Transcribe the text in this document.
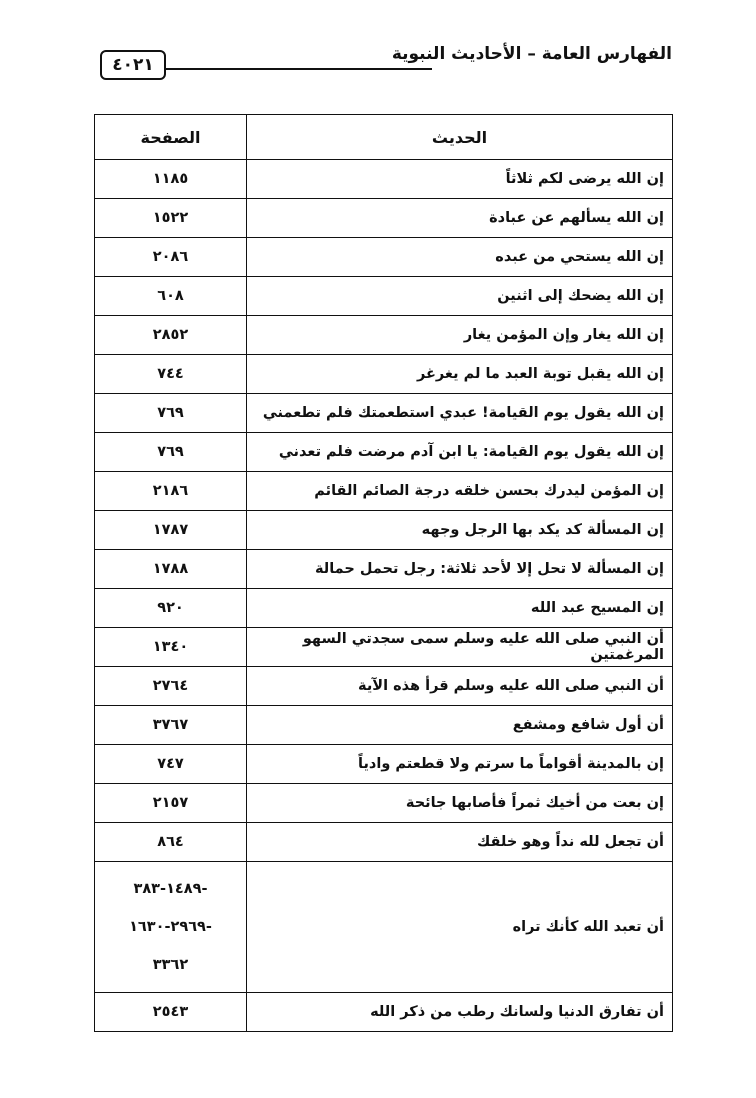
الفهارس العامة – الأحاديث النبوية
٤٠٢١
الحديث	الصفحة
إن الله يرضى لكم ثلاثاً	١١٨٥
إن الله يسألهم عن عبادة	١٥٢٢
إن الله يستحي من عبده	٢٠٨٦
إن الله يضحك إلى اثنين	٦٠٨
إن الله يغار وإن المؤمن يغار	٢٨٥٢
إن الله يقبل توبة العبد ما لم يغرغر	٧٤٤
إن الله يقول يوم القيامة! عبدي استطعمتك فلم تطعمني	٧٦٩
إن الله يقول يوم القيامة: يا ابن آدم مرضت فلم تعدني	٧٦٩
إن المؤمن ليدرك بحسن خلقه درجة الصائم القائم	٢١٨٦
إن المسألة كد يكد بها الرجل وجهه	١٧٨٧
إن المسألة لا تحل إلا لأحد ثلاثة: رجل تحمل حمالة	١٧٨٨
إن المسيح عبد الله	٩٢٠
أن النبي صلى الله عليه وسلم سمى سجدتي السهو المرغمتين	١٣٤٠
أن النبي صلى الله عليه وسلم قرأ هذه الآية	٢٧٦٤
أن أول شافع ومشفع	٣٧٦٧
إن بالمدينة أقواماً ما سرتم ولا قطعتم وادياً	٧٤٧
إن بعت من أخيك ثمراً فأصابها جائحة	٢١٥٧
أن تجعل لله نداً وهو خلقك	٨٦٤
أن تعبد الله كأنك تراه	-١٤٨٩-٣٨٣
-٢٩٦٩-١٦٣٠
٣٣٦٢

أن تفارق الدنيا ولسانك رطب من ذكر الله	٢٥٤٣
